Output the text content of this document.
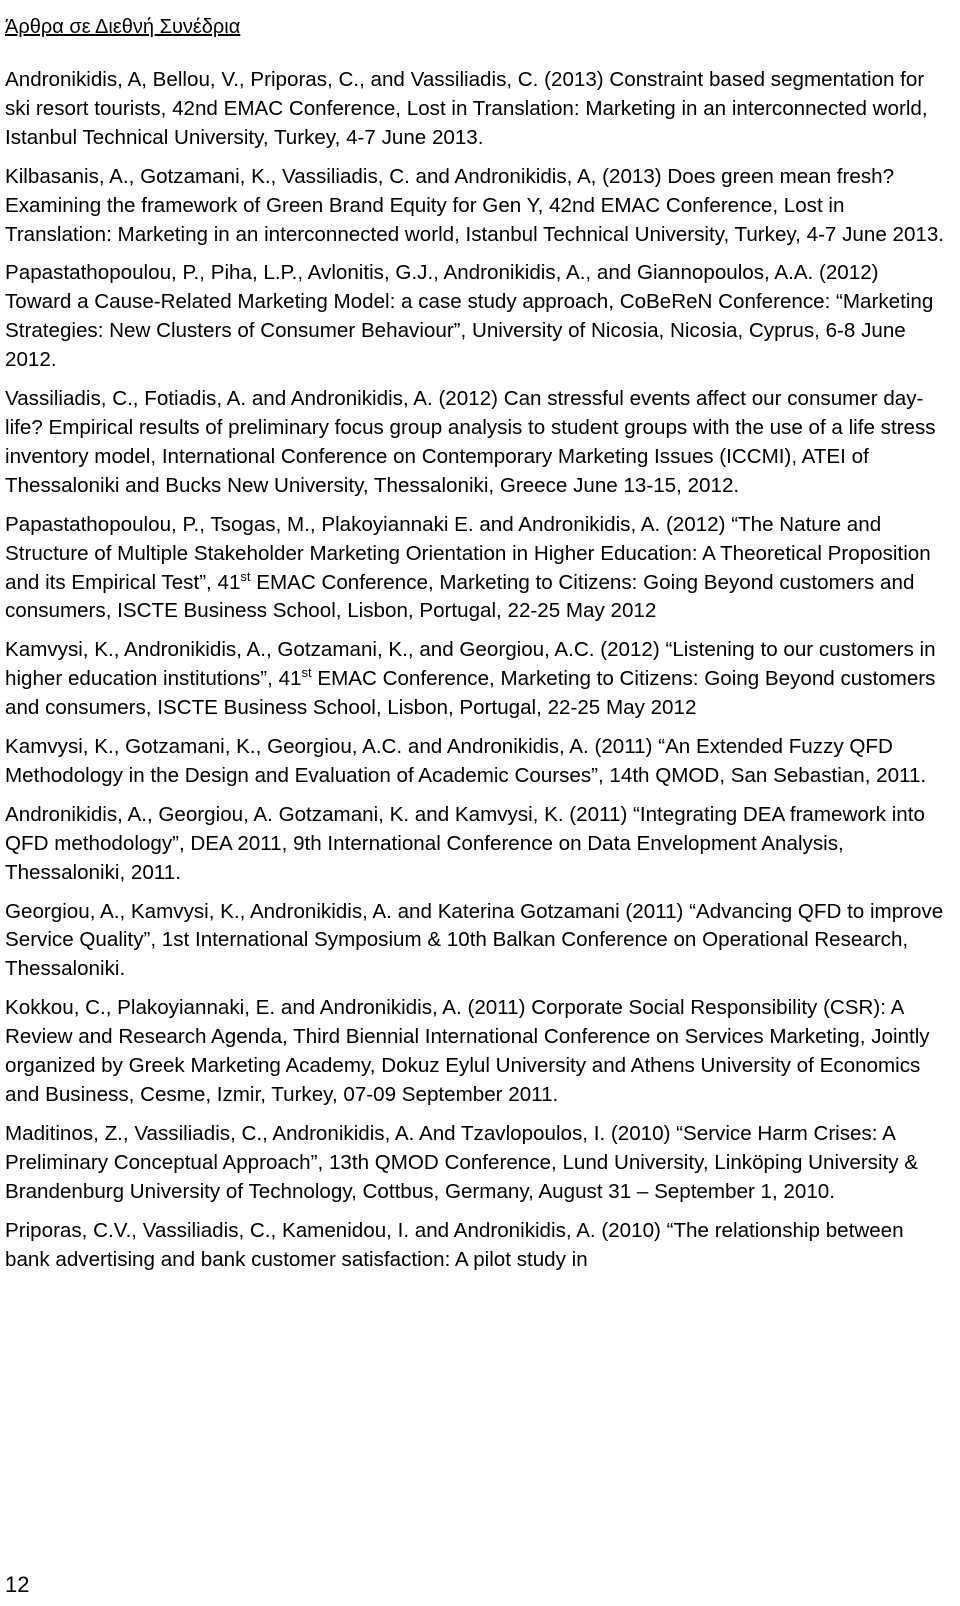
Άρθρα σε Διεθνή Συνέδρια
Andronikidis, A, Bellou, V., Priporas, C., and Vassiliadis, C. (2013) Constraint based segmentation for ski resort tourists, 42nd EMAC Conference, Lost in Translation: Marketing in an interconnected world, Istanbul Technical University, Turkey, 4-7 June 2013.
Kilbasanis, A., Gotzamani, K., Vassiliadis, C. and Andronikidis, A, (2013) Does green mean fresh? Examining the framework of Green Brand Equity for Gen Y, 42nd EMAC Conference, Lost in Translation: Marketing in an interconnected world, Istanbul Technical University, Turkey, 4-7 June 2013.
Papastathopoulou, P., Piha, L.P., Avlonitis, G.J., Andronikidis, A., and Giannopoulos, A.A. (2012) Toward a Cause-Related Marketing Model: a case study approach, CoBeReN Conference: “Marketing Strategies: New Clusters of Consumer Behaviour”, University of Nicosia, Nicosia, Cyprus, 6-8 June 2012.
Vassiliadis, C., Fotiadis, A. and Andronikidis, A. (2012) Can stressful events affect our consumer day-life? Empirical results of preliminary focus group analysis to student groups with the use of a life stress inventory model, International Conference on Contemporary Marketing Issues (ICCMI), ATEI of Thessaloniki and Bucks New University, Thessaloniki, Greece June 13-15, 2012.
Papastathopoulou, P., Tsogas, M., Plakoyiannaki E. and Andronikidis, A. (2012) “The Nature and Structure of Multiple Stakeholder Marketing Orientation in Higher Education: A Theoretical Proposition and its Empirical Test”, 41st EMAC Conference, Marketing to Citizens: Going Beyond customers and consumers, ISCTE Business School, Lisbon, Portugal, 22-25 May 2012
Kamvysi, K., Andronikidis, A., Gotzamani, K., and Georgiou, A.C. (2012) “Listening to our customers in higher education institutions”, 41st EMAC Conference, Marketing to Citizens: Going Beyond customers and consumers, ISCTE Business School, Lisbon, Portugal, 22-25 May 2012
Kamvysi, K., Gotzamani, K., Georgiou, A.C. and Andronikidis, A. (2011) “An Extended Fuzzy QFD Methodology in the Design and Evaluation of Academic Courses”, 14th QMOD, San Sebastian, 2011.
Andronikidis, A., Georgiou, A. Gotzamani, K. and Kamvysi, K. (2011) “Integrating DEA framework into QFD methodology”, DEA 2011, 9th International Conference on Data Envelopment Analysis, Thessaloniki, 2011.
Georgiou, A., Kamvysi, K., Andronikidis, A. and Katerina Gotzamani (2011) “Advancing QFD to improve Service Quality”, 1st International Symposium & 10th Balkan Conference on Operational Research, Thessaloniki.
Kokkou, C., Plakoyiannaki, E. and Andronikidis, A. (2011) Corporate Social Responsibility (CSR): A Review and Research Agenda, Third Biennial International Conference on Services Marketing, Jointly organized by Greek Marketing Academy, Dokuz Eylul University and Athens University of Economics and Business, Cesme, Izmir, Turkey, 07-09 September 2011.
Maditinos, Z., Vassiliadis, C., Andronikidis, A. And Tzavlopoulos, I. (2010) “Service Harm Crises: A Preliminary Conceptual Approach”, 13th QMOD Conference, Lund University, Linköping University & Brandenburg University of Technology, Cottbus, Germany, August 31 – September 1, 2010.
Priporas, C.V., Vassiliadis, C., Kamenidou, I. and Andronikidis, A. (2010) “The relationship between bank advertising and bank customer satisfaction: A pilot study in
12
